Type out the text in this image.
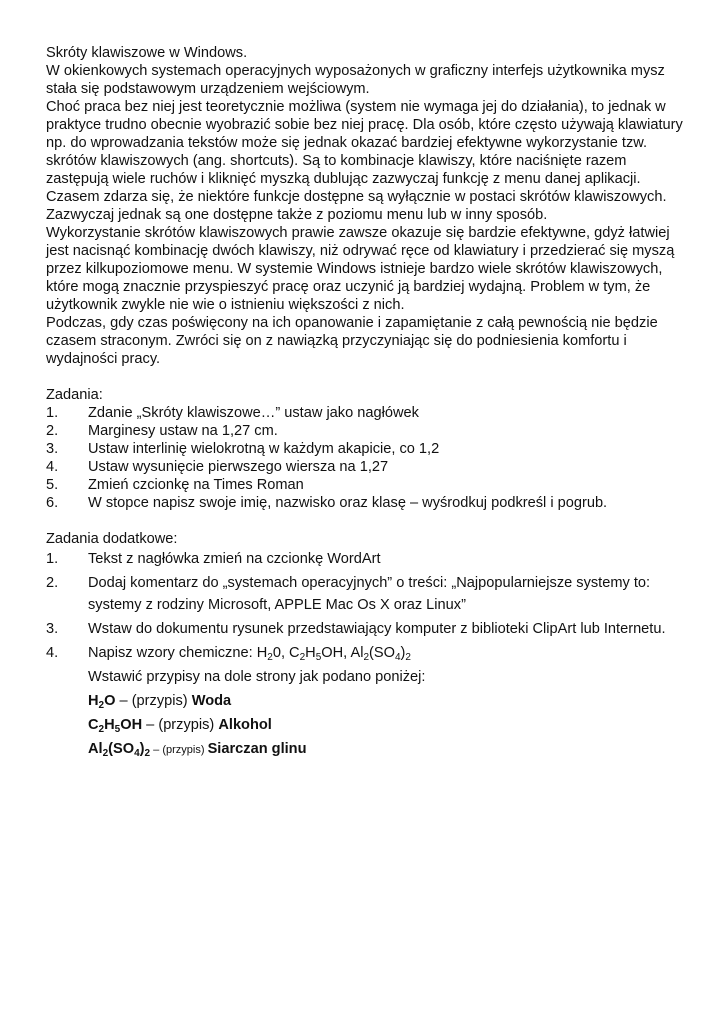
Skróty klawiszowe w Windows.

W okienkowych systemach operacyjnych wyposażonych w graficzny interfejs użytkownika mysz stała się podstawowym urządzeniem wejściowym.

Choć praca bez niej jest teoretycznie możliwa (system nie wymaga jej do działania), to jednak w praktyce trudno obecnie wyobrazić sobie bez niej pracę. Dla osób, które często używają klawiatury np. do wprowadzania tekstów może się jednak okazać bardziej efektywne wykorzystanie tzw. skrótów klawiszowych (ang. shortcuts). Są to kombinacje klawiszy, które naciśnięte razem zastępują wiele ruchów i kliknięć myszką dublując zazwyczaj funkcję z menu danej aplikacji. Czasem zdarza się, że niektóre funkcje dostępne są wyłącznie w postaci skrótów klawiszowych. Zazwyczaj jednak są one dostępne także z poziomu menu lub w inny sposób.

Wykorzystanie skrótów klawiszowych prawie zawsze okazuje się bardzie efektywne, gdyż łatwiej jest nacisnąć kombinację dwóch klawiszy, niż odrywać ręce od klawiatury i przedzierać się myszą przez kilkupoziomowe menu. W systemie Windows istnieje bardzo wiele skrótów klawiszowych, które mogą znacznie przyspieszyć pracę oraz uczynić ją bardziej wydajną. Problem w tym, że użytkownik zwykle nie wie o istnieniu większości z nich.

Podczas, gdy czas poświęcony na ich opanowanie i zapamiętanie z całą pewnością nie będzie czasem straconym. Zwróci się on z nawiązką przyczyniając się do podniesienia komfortu i wydajności pracy.

Zadania:

1.	Zdanie „Skróty klawiszowe…” ustaw jako nagłówek
2.	Marginesy ustaw na 1,27 cm.
3.	Ustaw interlinię wielokrotną w każdym akapicie, co 1,2
4.	Ustaw wysunięcie pierwszego wiersza na 1,27
5.	Zmień czcionkę na Times Roman
6.	W stopce napisz swoje imię, nazwisko oraz klasę – wyśrodkuj podkreśl i pogrub.

Zadania dodatkowe:

1.	Tekst z nagłówka zmień na czcionkę WordArt
2.	Dodaj komentarz do „systemach operacyjnych” o treści: „Najpopularniejsze systemy to: systemy z rodziny Microsoft, APPLE Mac Os X oraz Linux”
3.	Wstaw do dokumentu rysunek przedstawiający komputer z biblioteki ClipArt lub Internetu.
4.	Napisz wzory chemiczne: $H_20$, $C_2H_5OH$, $Al_2(SO_4)_2$

Wstawić przypisy na dole strony jak podano poniżej:

$H_2O$ – (przypis) Woda

$C_2H_5OH$ – (przypis) Alkohol

$Al_2(SO_4)_2$ – (przypis) Siarczan glinu
